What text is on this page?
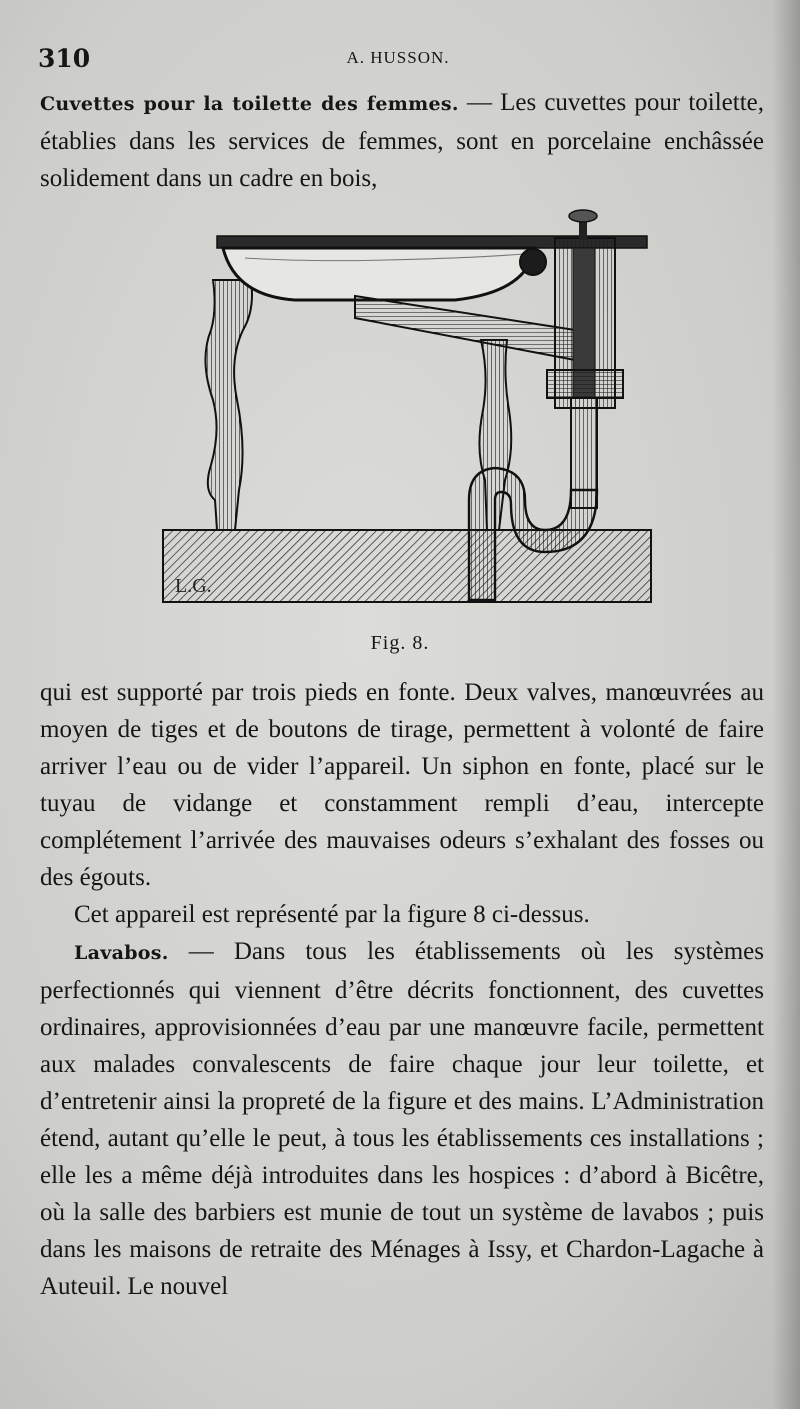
310	A. HUSSON.

Cuvettes pour la toilette des femmes. — Les cuvettes pour toilette, établies dans les services de femmes, sont en porcelaine enchâssée solidement dans un cadre en bois,

L.G.
Fig. 8.

qui est supporté par trois pieds en fonte. Deux valves, manœuvrées au moyen de tiges et de boutons de tirage, permettent à volonté de faire arriver l’eau ou de vider l’appareil. Un siphon en fonte, placé sur le tuyau de vidange et constamment rempli d’eau, intercepte complétement l’arrivée des mauvaises odeurs s’exhalant des fosses ou des égouts.

Cet appareil est représenté par la figure 8 ci-dessus.

Lavabos. — Dans tous les établissements où les systèmes perfectionnés qui viennent d’être décrits fonctionnent, des cuvettes ordinaires, approvisionnées d’eau par une manœuvre facile, permettent aux malades convalescents de faire chaque jour leur toilette, et d’entretenir ainsi la propreté de la figure et des mains. L’Administration étend, autant qu’elle le peut, à tous les établissements ces installations ; elle les a même déjà introduites dans les hospices : d’abord à Bicêtre, où la salle des barbiers est munie de tout un système de lavabos ; puis dans les maisons de retraite des Ménages à Issy, et Chardon-Lagache à Auteuil. Le nouvel
